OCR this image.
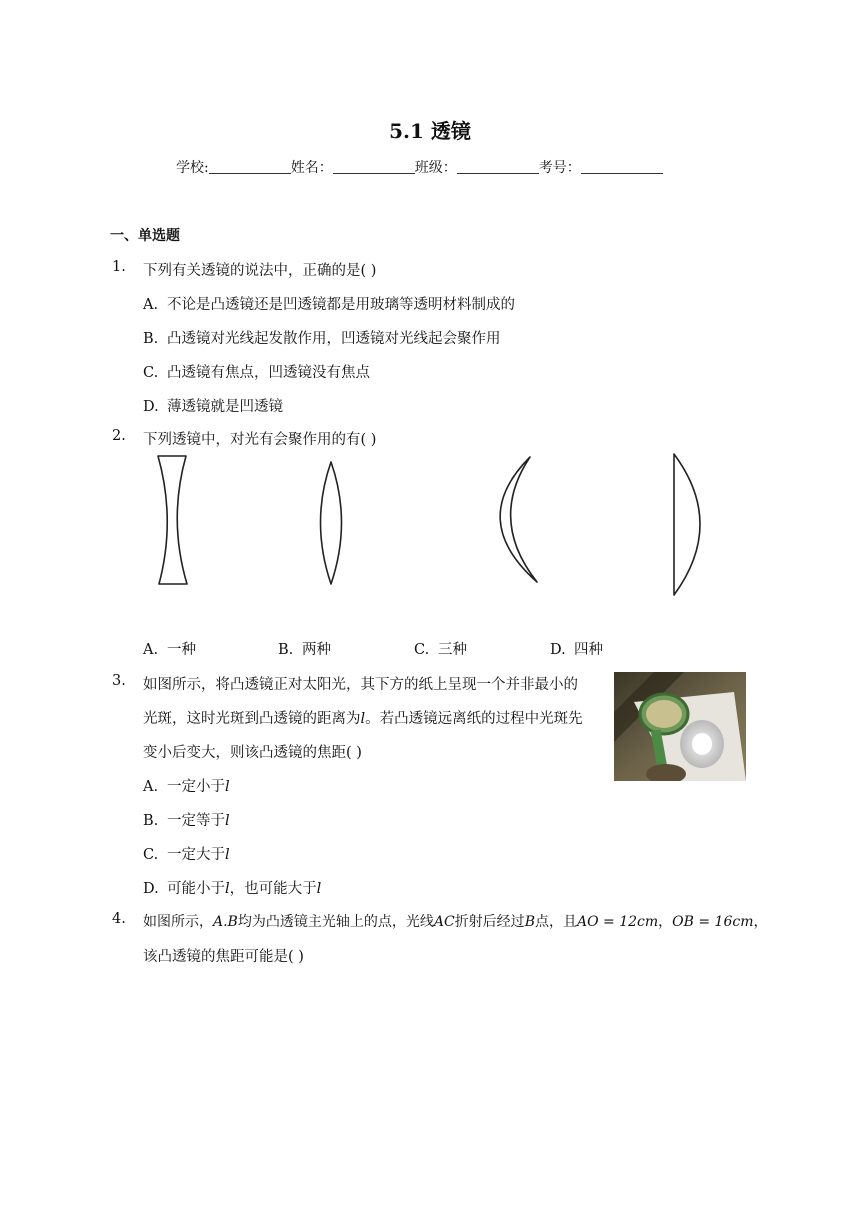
5.1 透镜
学校:	姓名：	班级：	考号：
一、单选题
1. 下列有关透镜的说法中，正确的是( )
A. 不论是凸透镜还是凹透镜都是用玻璃等透明材料制成的
B. 凸透镜对光线起发散作用，凹透镜对光线起会聚作用
C. 凸透镜有焦点，凹透镜没有焦点
D. 薄透镜就是凹透镜
2. 下列透镜中，对光有会聚作用的有( )
A. 一种	B. 两种	C. 三种	D. 四种
3. 如图所示，将凸透镜正对太阳光，其下方的纸上呈现一个并非最小的
光斑，这时光斑到凸透镜的距离为l。若凸透镜远离纸的过程中光斑先
变小后变大，则该凸透镜的焦距( )
A. 一定小于l
B. 一定等于l
C. 一定大于l
D. 可能小于l，也可能大于l
4. 如图所示，A.B均为凸透镜主光轴上的点，光线AC折射后经过B点，且AO = 12cm，OB = 16cm，
该凸透镜的焦距可能是( )
